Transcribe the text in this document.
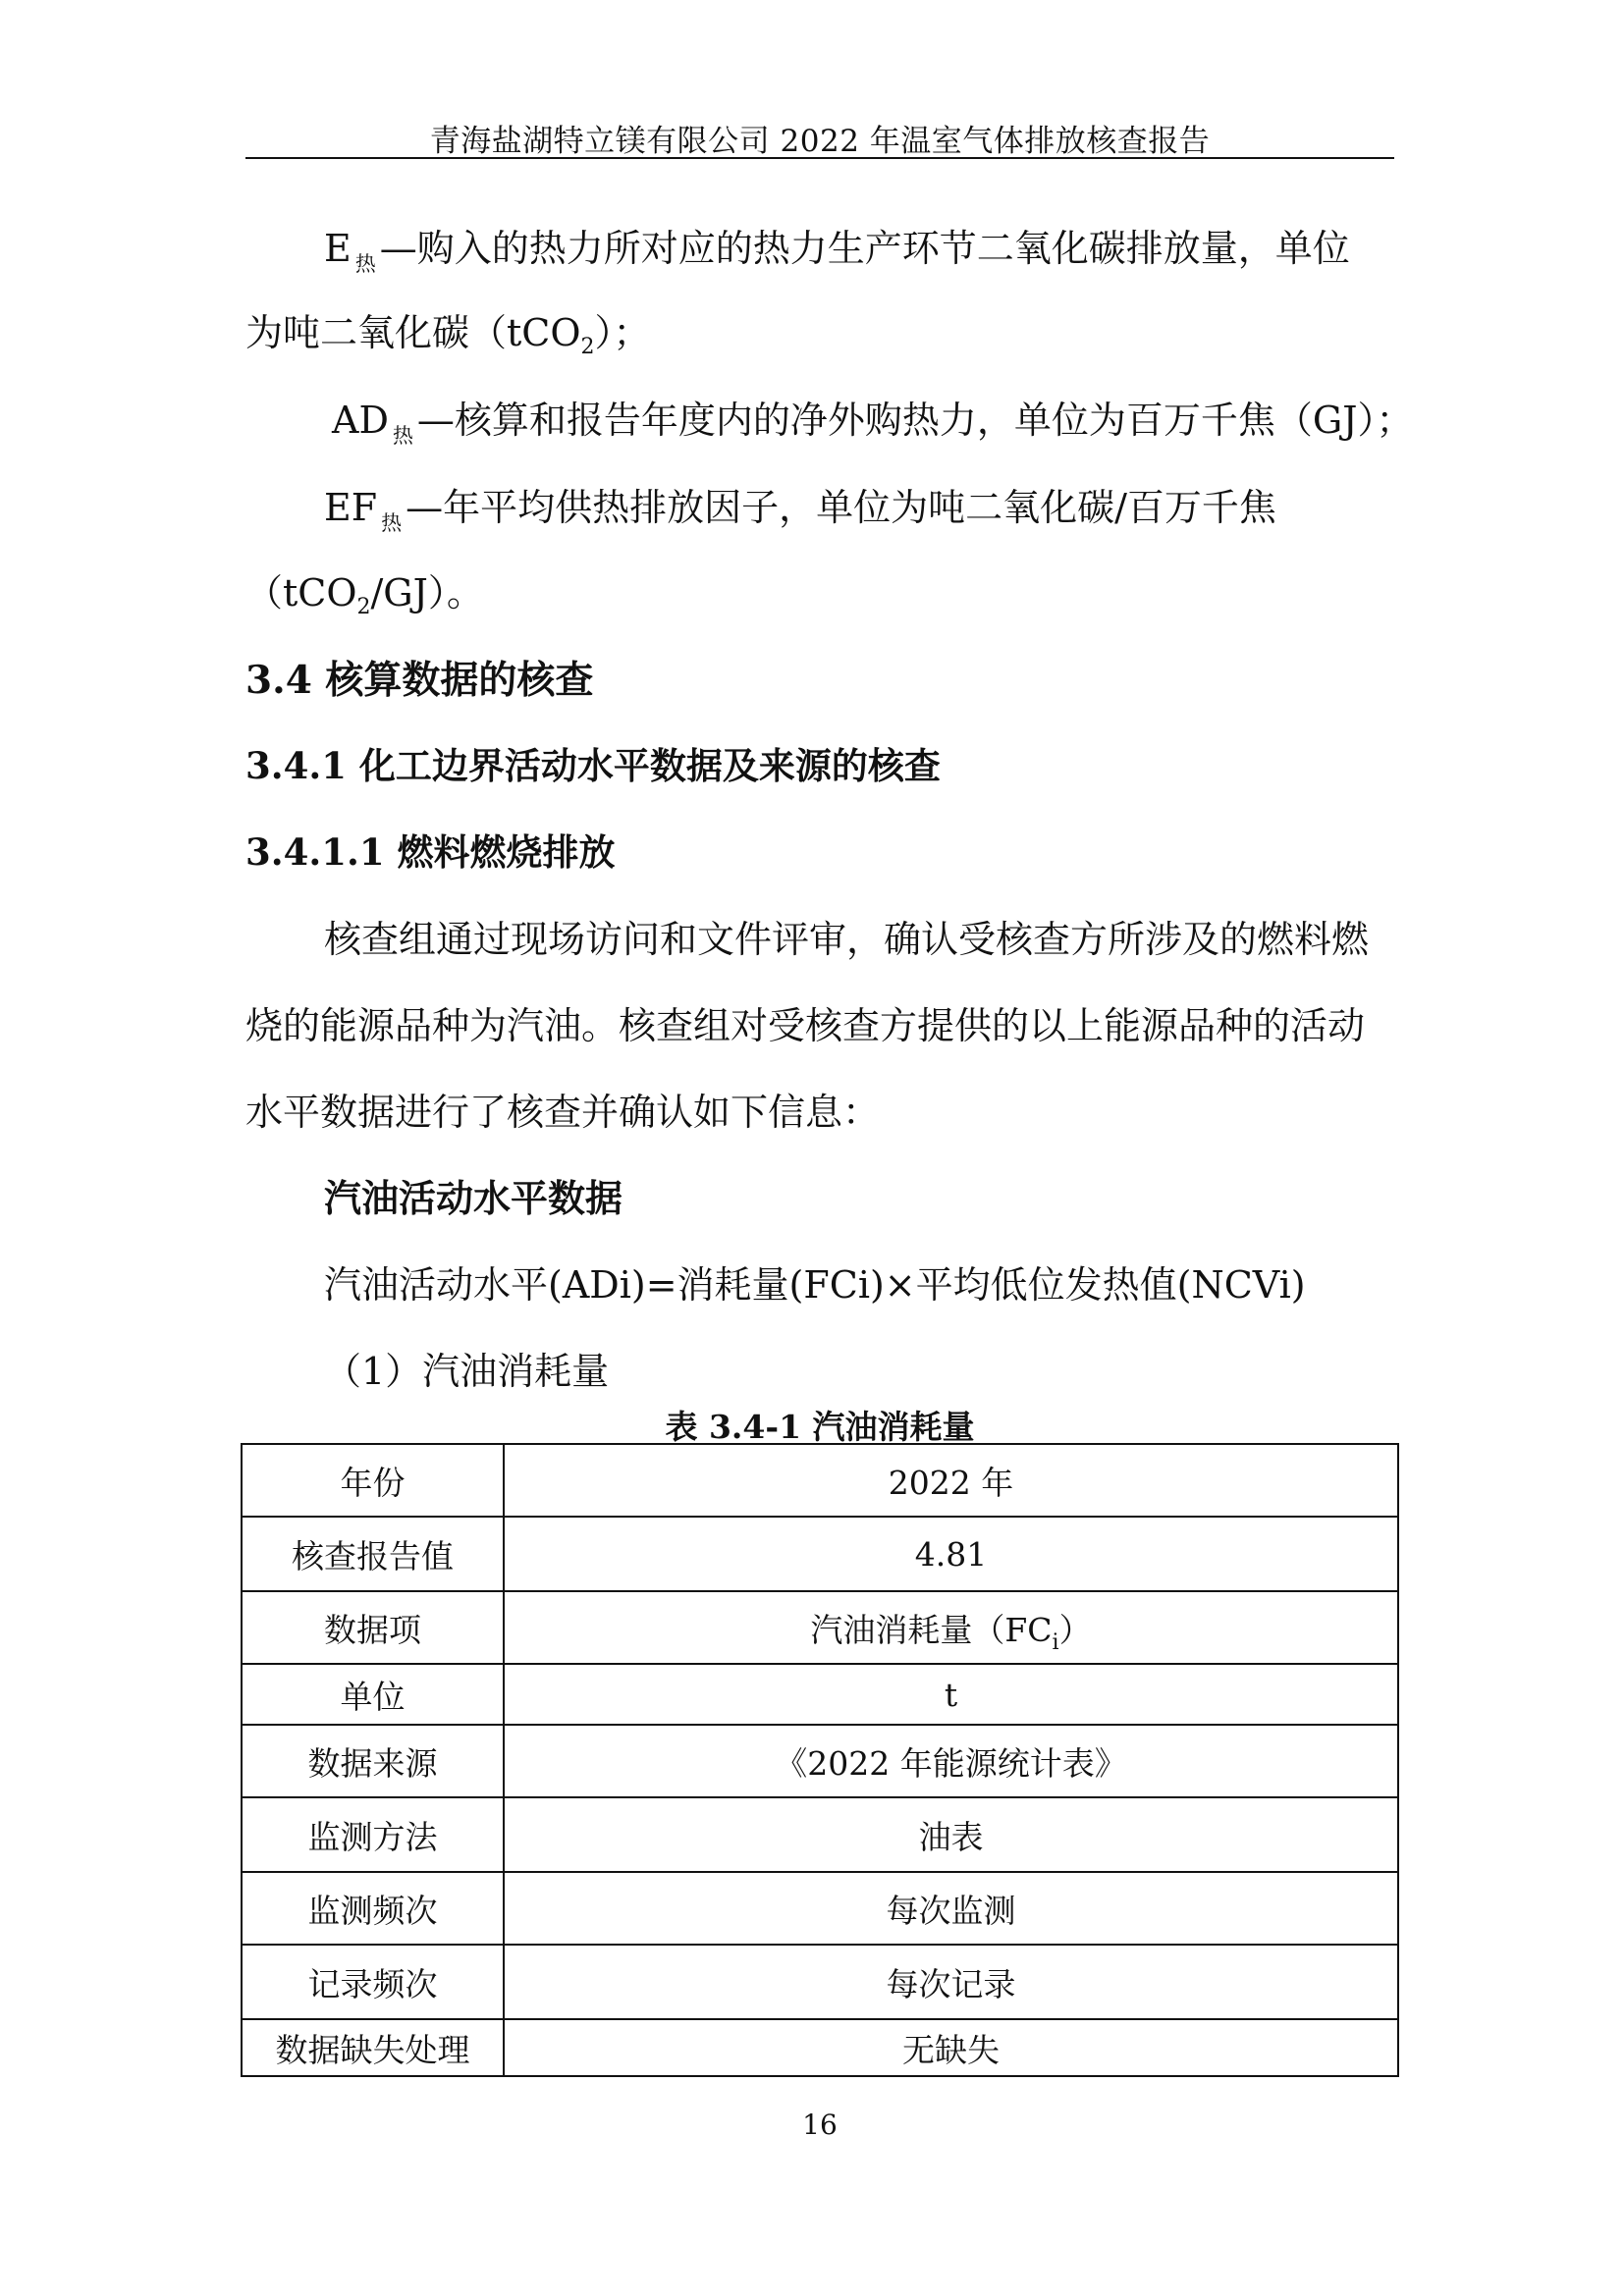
青海盐湖特立镁有限公司 2022 年温室气体排放核查报告
E $_热$ —购入的热力所对应的热力生产环节二氧化碳排放量，单位
为吨二氧化碳（tCO$_2$）；
AD $_热$ —核算和报告年度内的净外购热力，单位为百万千焦（GJ）；
EF $_热$ —年平均供热排放因子，单位为吨二氧化碳/百万千焦
（tCO$_2$/GJ）。
3.4 核算数据的核查
3.4.1 化工边界活动水平数据及来源的核查
3.4.1.1 燃料燃烧排放
核查组通过现场访问和文件评审，确认受核查方所涉及的燃料燃
烧的能源品种为汽油。核查组对受核查方提供的以上能源品种的活动
水平数据进行了核查并确认如下信息：
汽油活动水平数据
汽油活动水平(ADi)=消耗量(FCi)×平均低位发热值(NCVi)
（1）汽油消耗量
表 3.4-1 汽油消耗量
年份	2022 年
核查报告值	4.81
数据项	汽油消耗量$(FC_i)$
单位	t
数据来源	《2022 年能源统计表》
监测方法	油表
监测频次	每次监测
记录频次	每次记录
数据缺失处理	无缺失
16
